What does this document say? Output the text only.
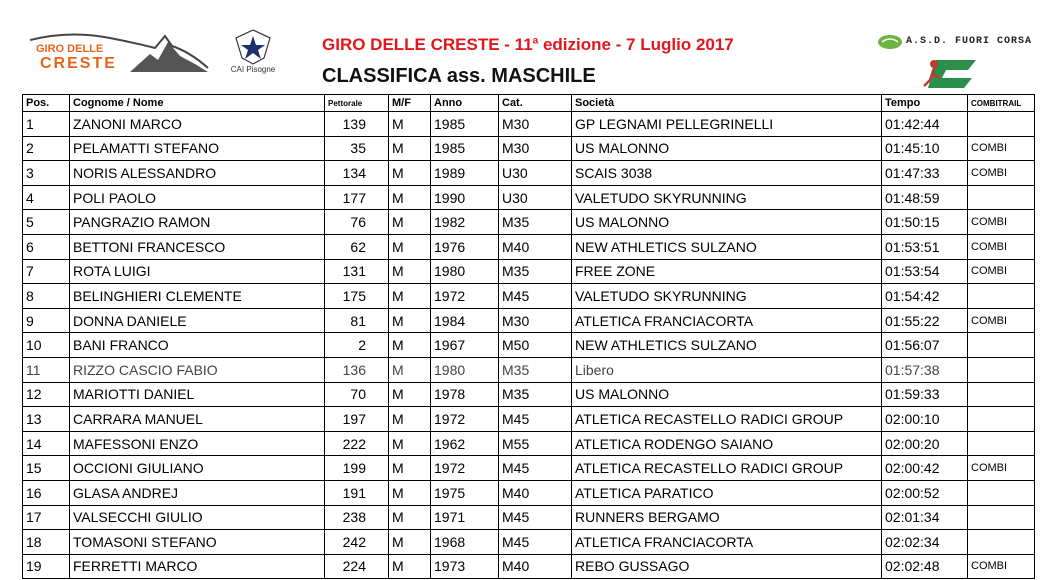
GIRO DELLE
CRESTE	CAI Pisogne
GIRO DELLE CRESTE - 11$^a$ edizione - 7 Luglio 2017
CLASSIFICA ass. MASCHILE
A.S.D. FUORI CORSA
Pos.	Cognome / Nome	Pettorale	M/F	Anno	Cat.	Società	Tempo	COMBITRAIL
1	ZANONI MARCO	139	M	1985	M30	GP LEGNAMI PELLEGRINELLI	01:42:44	
2	PELAMATTI STEFANO	35	M	1985	M30	US MALONNO	01:45:10	COMBI
3	NORIS ALESSANDRO	134	M	1989	U30	SCAIS 3038	01:47:33	COMBI
4	POLI PAOLO	177	M	1990	U30	VALETUDO SKYRUNNING	01:48:59	
5	PANGRAZIO RAMON	76	M	1982	M35	US MALONNO	01:50:15	COMBI
6	BETTONI FRANCESCO	62	M	1976	M40	NEW ATHLETICS SULZANO	01:53:51	COMBI
7	ROTA LUIGI	131	M	1980	M35	FREE ZONE	01:53:54	COMBI
8	BELINGHIERI CLEMENTE	175	M	1972	M45	VALETUDO SKYRUNNING	01:54:42	
9	DONNA DANIELE	81	M	1984	M30	ATLETICA FRANCIACORTA	01:55:22	COMBI
10	BANI FRANCO	2	M	1967	M50	NEW ATHLETICS SULZANO	01:56:07	
11	RIZZO CASCIO FABIO	136	M	1980	M35	Libero	01:57:38	
12	MARIOTTI DANIEL	70	M	1978	M35	US MALONNO	01:59:33	
13	CARRARA MANUEL	197	M	1972	M45	ATLETICA RECASTELLO RADICI GROUP	02:00:10	
14	MAFESSONI ENZO	222	M	1962	M55	ATLETICA RODENGO SAIANO	02:00:20	
15	OCCIONI GIULIANO	199	M	1972	M45	ATLETICA RECASTELLO RADICI GROUP	02:00:42	COMBI
16	GLASA ANDREJ	191	M	1975	M40	ATLETICA PARATICO	02:00:52	
17	VALSECCHI GIULIO	238	M	1971	M45	RUNNERS BERGAMO	02:01:34	
18	TOMASONI STEFANO	242	M	1968	M45	ATLETICA FRANCIACORTA	02:02:34	
19	FERRETTI MARCO	224	M	1973	M40	REBO GUSSAGO	02:02:48	COMBI
